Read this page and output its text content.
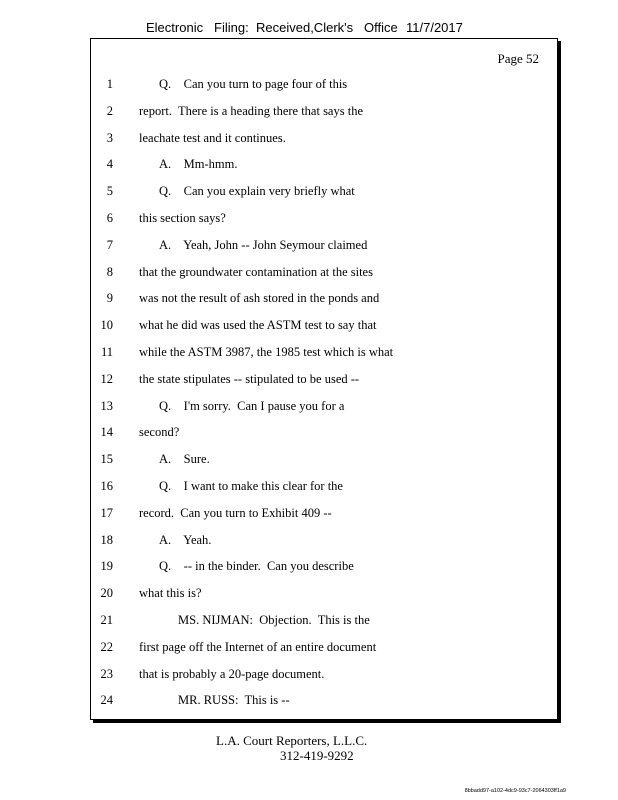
Electronic Filing: Received,Clerk's Office 11/7/2017
Page 52
1	Q.    Can you turn to page four of this
2 report.  There is a heading there that says the
3 leachate test and it continues.
4	A.    Mm-hmm.
5	Q.    Can you explain very briefly what
6 this section says?
7	A.    Yeah, John -- John Seymour claimed
8 that the groundwater contamination at the sites
9 was not the result of ash stored in the ponds and
10 what he did was used the ASTM test to say that
11 while the ASTM 3987, the 1985 test which is what
12 the state stipulates -- stipulated to be used --
13	Q.    I'm sorry.  Can I pause you for a
14 second?
15	A.    Sure.
16	Q.    I want to make this clear for the
17 record.  Can you turn to Exhibit 409 --
18	A.    Yeah.
19	Q.    -- in the binder.  Can you describe
20 what this is?
21	MS. NIJMAN:  Objection.  This is the
22 first page off the Internet of an entire document
23 that is probably a 20-page document.
24	MR. RUSS:  This is --
L.A. Court Reporters, L.L.C.
312-419-9292
8bbadd97-a102-4dc9-93c7-2064303ff1a9
